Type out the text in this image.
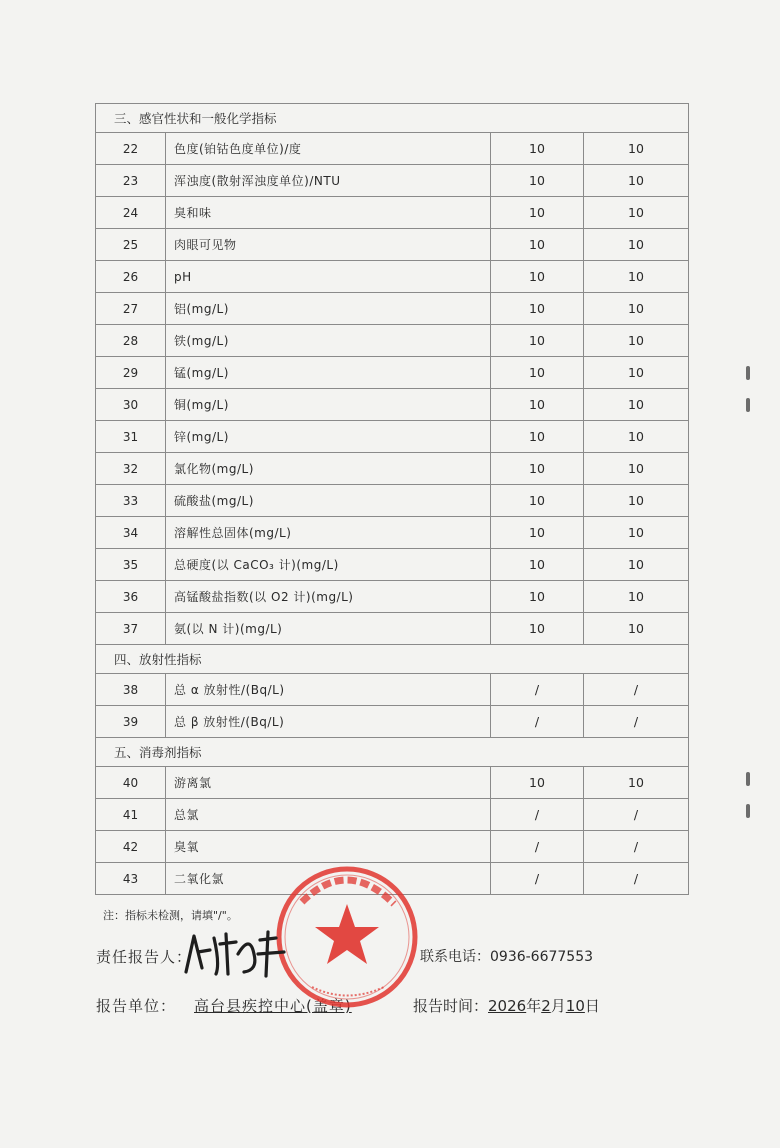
三、感官性状和一般化学指标			
22	色度(铂钴色度单位)/度	10	10
23	浑浊度(散射浑浊度单位)/NTU	10	10
24	臭和味	10	10
25	肉眼可见物	10	10
26	pH	10	10
27	铝(mg/L)	10	10
28	铁(mg/L)	10	10
29	锰(mg/L)	10	10
30	铜(mg/L)	10	10
31	锌(mg/L)	10	10
32	氯化物(mg/L)	10	10
33	硫酸盐(mg/L)	10	10
34	溶解性总固体(mg/L)	10	10
35	总硬度(以 CaCO₃ 计)(mg/L)	10	10
36	高锰酸盐指数(以 O2 计)(mg/L)	10	10
37	氨(以 N 计)(mg/L)	10	10
四、放射性指标			
38	总 α 放射性/(Bq/L)	/	/
39	总 β 放射性/(Bq/L)	/	/
五、消毒剂指标			
40	游离氯	10	10
41	总氯	/	/
42	臭氧	/	/
43	二氧化氯	/	/
注：指标未检测，请填"/"。
责任报告人：	联系电话：0936-6677553
报告单位： 高台县疾控中心(盖章)	报告时间：2026年2月10日
